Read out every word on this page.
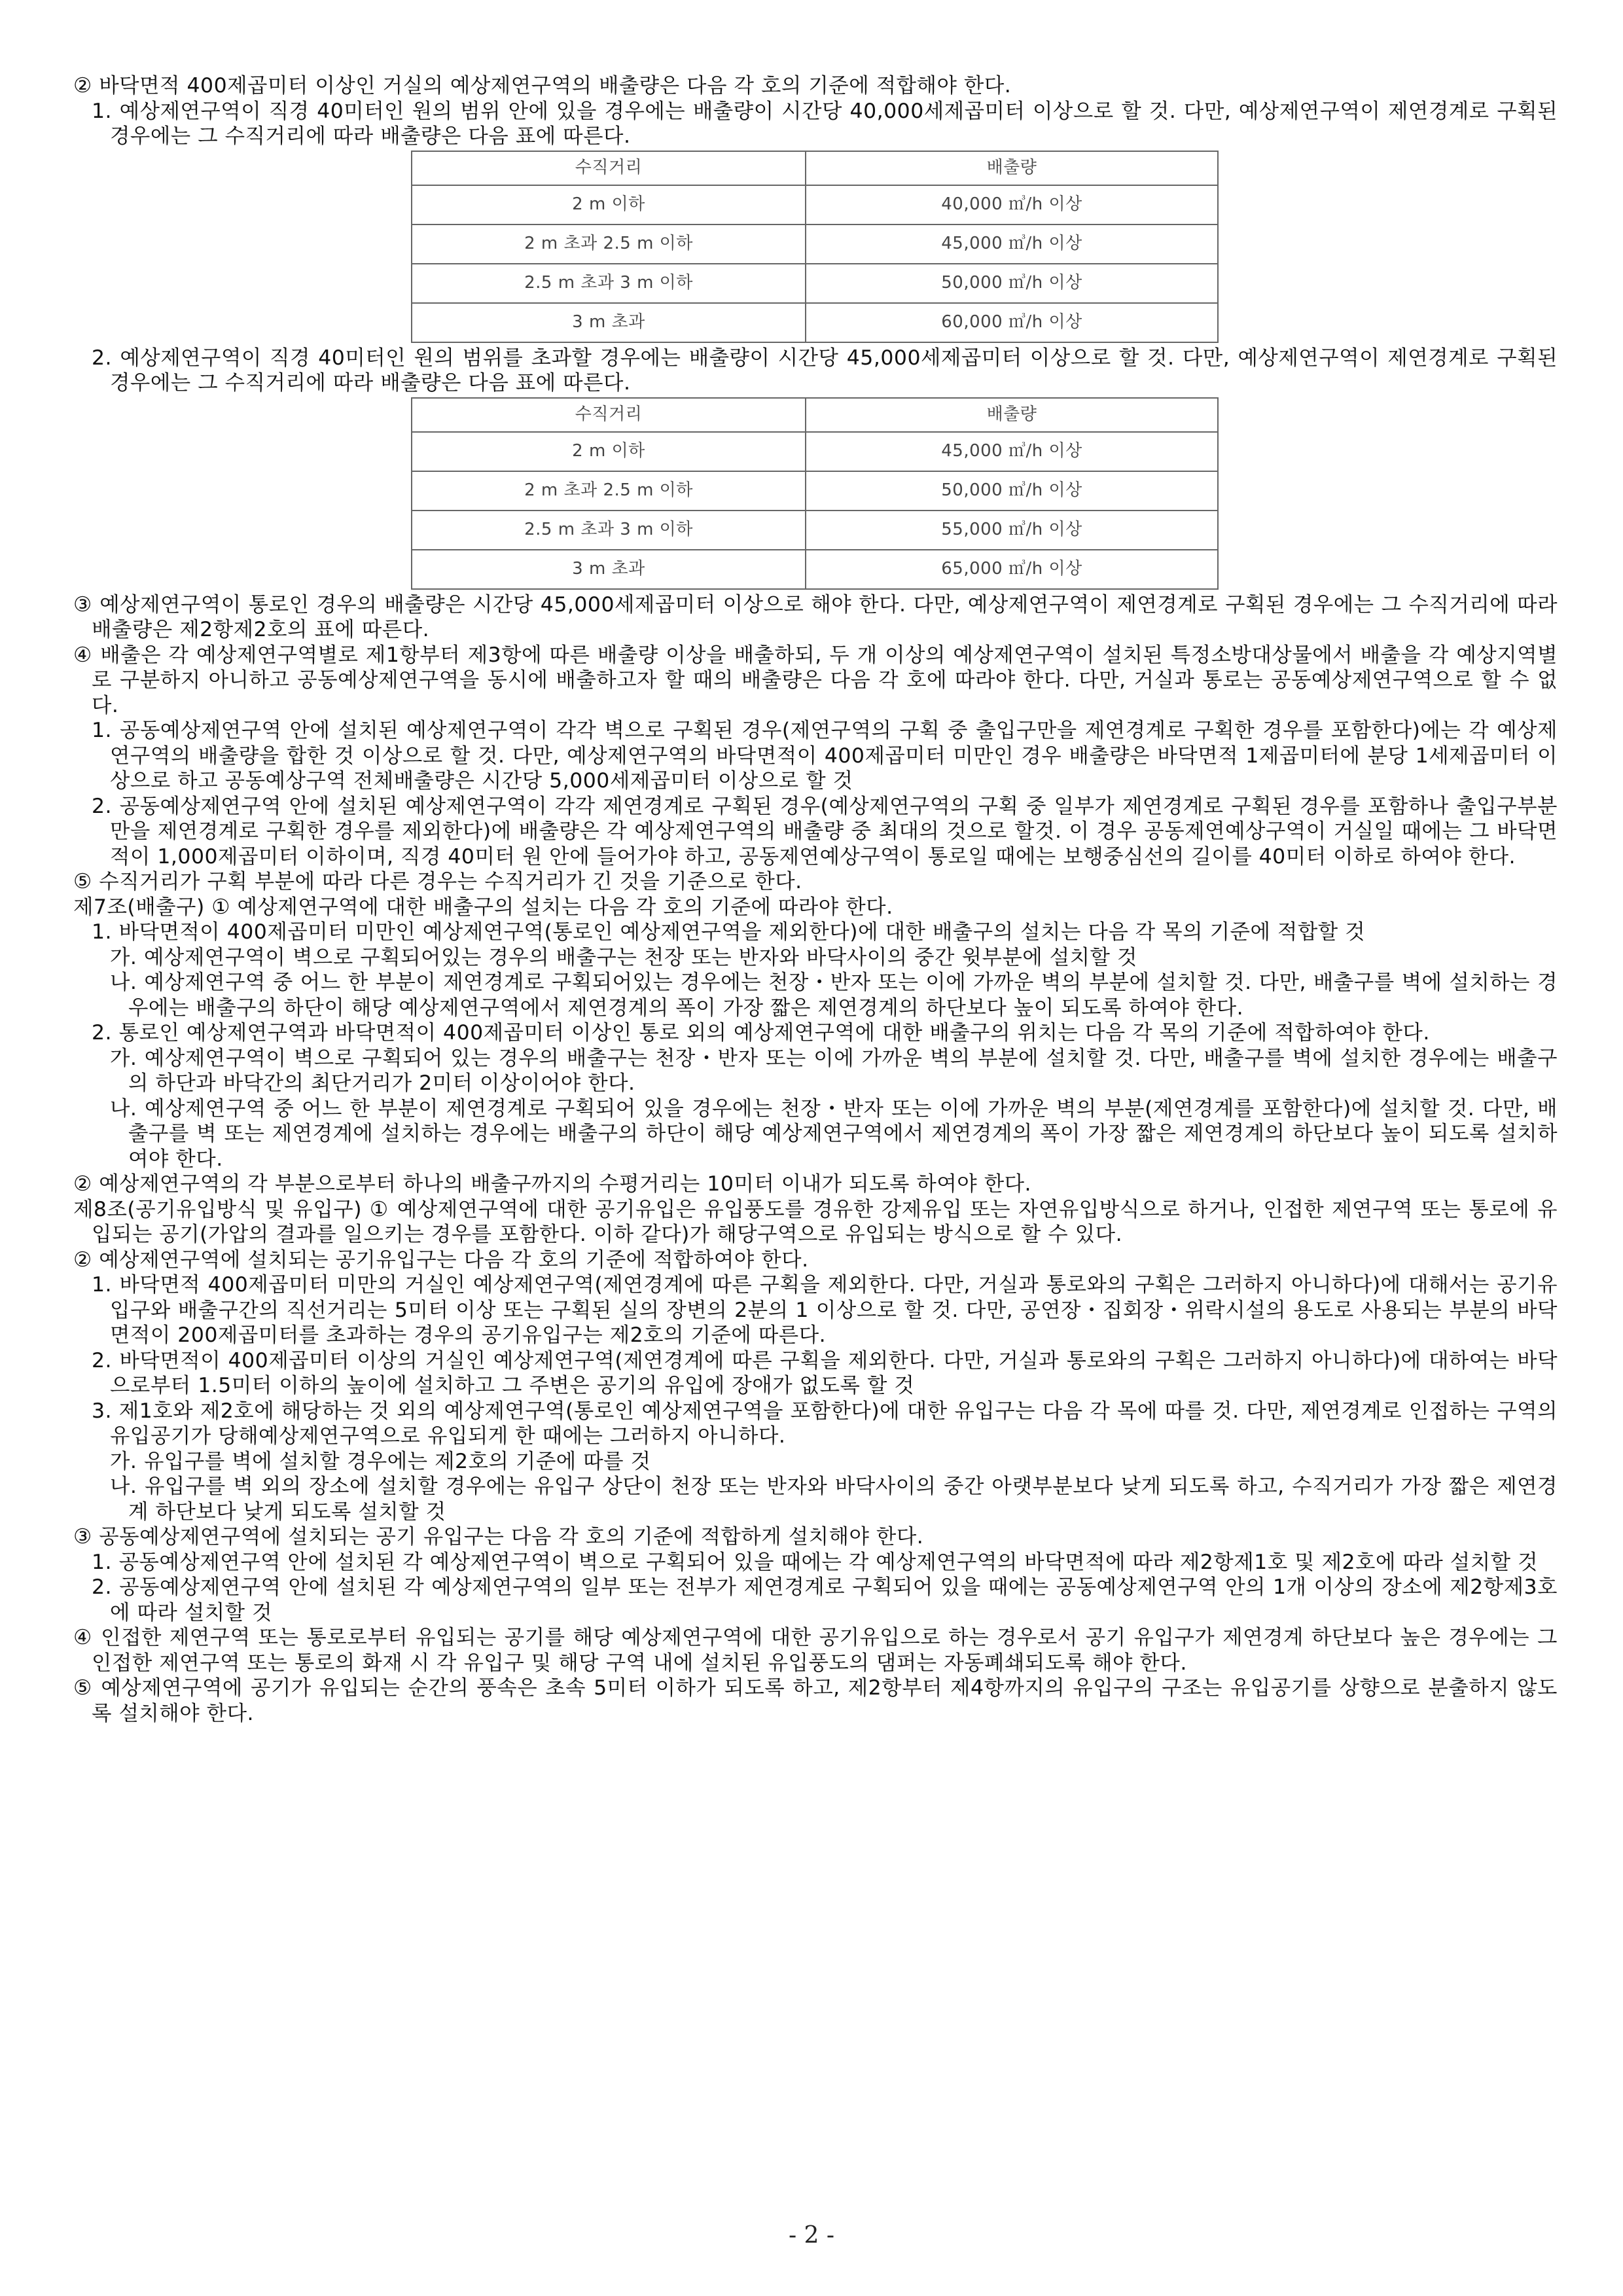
② 바닥면적 400제곱미터 이상인 거실의 예상제연구역의 배출량은 다음 각 호의 기준에 적합해야 한다.

1. 예상제연구역이 직경 40미터인 원의 범위 안에 있을 경우에는 배출량이 시간당 40,000세제곱미터 이상으로 할 것. 다만, 예상제연구역이 제연경계로 구획된 경우에는 그 수직거리에 따라 배출량은 다음 표에 따른다.

수직거리	배출량
2 m 이하	40,000 ㎥/h 이상
2 m 초과 2.5 m 이하	45,000 ㎥/h 이상
2.5 m 초과 3 m 이하	50,000 ㎥/h 이상
3 m 초과	60,000 ㎥/h 이상

2. 예상제연구역이 직경 40미터인 원의 범위를 초과할 경우에는 배출량이 시간당 45,000세제곱미터 이상으로 할 것. 다만, 예상제연구역이 제연경계로 구획된 경우에는 그 수직거리에 따라 배출량은 다음 표에 따른다.

수직거리	배출량
2 m 이하	45,000 ㎥/h 이상
2 m 초과 2.5 m 이하	50,000 ㎥/h 이상
2.5 m 초과 3 m 이하	55,000 ㎥/h 이상
3 m 초과	65,000 ㎥/h 이상

③ 예상제연구역이 통로인 경우의 배출량은 시간당 45,000세제곱미터 이상으로 해야 한다. 다만, 예상제연구역이 제연경계로 구획된 경우에는 그 수직거리에 따라 배출량은 제2항제2호의 표에 따른다.

④ 배출은 각 예상제연구역별로 제1항부터 제3항에 따른 배출량 이상을 배출하되, 두 개 이상의 예상제연구역이 설치된 특정소방대상물에서 배출을 각 예상지역별로 구분하지 아니하고 공동예상제연구역을 동시에 배출하고자 할 때의 배출량은 다음 각 호에 따라야 한다. 다만, 거실과 통로는 공동예상제연구역으로 할 수 없다.

1. 공동예상제연구역 안에 설치된 예상제연구역이 각각 벽으로 구획된 경우(제연구역의 구획 중 출입구만을 제연경계로 구획한 경우를 포함한다)에는 각 예상제연구역의 배출량을 합한 것 이상으로 할 것. 다만, 예상제연구역의 바닥면적이 400제곱미터 미만인 경우 배출량은 바닥면적 1제곱미터에 분당 1세제곱미터 이상으로 하고 공동예상구역 전체배출량은 시간당 5,000세제곱미터 이상으로 할 것

2. 공동예상제연구역 안에 설치된 예상제연구역이 각각 제연경계로 구획된 경우(예상제연구역의 구획 중 일부가 제연경계로 구획된 경우를 포함하나 출입구부분만을 제연경계로 구획한 경우를 제외한다)에 배출량은 각 예상제연구역의 배출량 중 최대의 것으로 할것. 이 경우 공동제연예상구역이 거실일 때에는 그 바닥면적이 1,000제곱미터 이하이며, 직경 40미터 원 안에 들어가야 하고, 공동제연예상구역이 통로일 때에는 보행중심선의 길이를 40미터 이하로 하여야 한다.

⑤ 수직거리가 구획 부분에 따라 다른 경우는 수직거리가 긴 것을 기준으로 한다.

제7조(배출구) ① 예상제연구역에 대한 배출구의 설치는 다음 각 호의 기준에 따라야 한다.

1. 바닥면적이 400제곱미터 미만인 예상제연구역(통로인 예상제연구역을 제외한다)에 대한 배출구의 설치는 다음 각 목의 기준에 적합할 것

가. 예상제연구역이 벽으로 구획되어있는 경우의 배출구는 천장 또는 반자와 바닥사이의 중간 윗부분에 설치할 것

나. 예상제연구역 중 어느 한 부분이 제연경계로 구획되어있는 경우에는 천장・반자 또는 이에 가까운 벽의 부분에 설치할 것. 다만, 배출구를 벽에 설치하는 경우에는 배출구의 하단이 해당 예상제연구역에서 제연경계의 폭이 가장 짧은 제연경계의 하단보다 높이 되도록 하여야 한다.

2. 통로인 예상제연구역과 바닥면적이 400제곱미터 이상인 통로 외의 예상제연구역에 대한 배출구의 위치는 다음 각 목의 기준에 적합하여야 한다.

가. 예상제연구역이 벽으로 구획되어 있는 경우의 배출구는 천장・반자 또는 이에 가까운 벽의 부분에 설치할 것. 다만, 배출구를 벽에 설치한 경우에는 배출구의 하단과 바닥간의 최단거리가 2미터 이상이어야 한다.

나. 예상제연구역 중 어느 한 부분이 제연경계로 구획되어 있을 경우에는 천장・반자 또는 이에 가까운 벽의 부분(제연경계를 포함한다)에 설치할 것. 다만, 배출구를 벽 또는 제연경계에 설치하는 경우에는 배출구의 하단이 해당 예상제연구역에서 제연경계의 폭이 가장 짧은 제연경계의 하단보다 높이 되도록 설치하여야 한다.

② 예상제연구역의 각 부분으로부터 하나의 배출구까지의 수평거리는 10미터 이내가 되도록 하여야 한다.

제8조(공기유입방식 및 유입구) ① 예상제연구역에 대한 공기유입은 유입풍도를 경유한 강제유입 또는 자연유입방식으로 하거나, 인접한 제연구역 또는 통로에 유입되는 공기(가압의 결과를 일으키는 경우를 포함한다. 이하 같다)가 해당구역으로 유입되는 방식으로 할 수 있다.

② 예상제연구역에 설치되는 공기유입구는 다음 각 호의 기준에 적합하여야 한다.

1. 바닥면적 400제곱미터 미만의 거실인 예상제연구역(제연경계에 따른 구획을 제외한다. 다만, 거실과 통로와의 구획은 그러하지 아니하다)에 대해서는 공기유입구와 배출구간의 직선거리는 5미터 이상 또는 구획된 실의 장변의 2분의 1 이상으로 할 것. 다만, 공연장・집회장・위락시설의 용도로 사용되는 부분의 바닥면적이 200제곱미터를 초과하는 경우의 공기유입구는 제2호의 기준에 따른다.

2. 바닥면적이 400제곱미터 이상의 거실인 예상제연구역(제연경계에 따른 구획을 제외한다. 다만, 거실과 통로와의 구획은 그러하지 아니하다)에 대하여는 바닥으로부터 1.5미터 이하의 높이에 설치하고 그 주변은 공기의 유입에 장애가 없도록 할 것

3. 제1호와 제2호에 해당하는 것 외의 예상제연구역(통로인 예상제연구역을 포함한다)에 대한 유입구는 다음 각 목에 따를 것. 다만, 제연경계로 인접하는 구역의 유입공기가 당해예상제연구역으로 유입되게 한 때에는 그러하지 아니하다.

가. 유입구를 벽에 설치할 경우에는 제2호의 기준에 따를 것

나. 유입구를 벽 외의 장소에 설치할 경우에는 유입구 상단이 천장 또는 반자와 바닥사이의 중간 아랫부분보다 낮게 되도록 하고, 수직거리가 가장 짧은 제연경계 하단보다 낮게 되도록 설치할 것

③ 공동예상제연구역에 설치되는 공기 유입구는 다음 각 호의 기준에 적합하게 설치해야 한다.

1. 공동예상제연구역 안에 설치된 각 예상제연구역이 벽으로 구획되어 있을 때에는 각 예상제연구역의 바닥면적에 따라 제2항제1호 및 제2호에 따라 설치할 것

2. 공동예상제연구역 안에 설치된 각 예상제연구역의 일부 또는 전부가 제연경계로 구획되어 있을 때에는 공동예상제연구역 안의 1개 이상의 장소에 제2항제3호에 따라 설치할 것

④ 인접한 제연구역 또는 통로로부터 유입되는 공기를 해당 예상제연구역에 대한 공기유입으로 하는 경우로서 공기 유입구가 제연경계 하단보다 높은 경우에는 그 인접한 제연구역 또는 통로의 화재 시 각 유입구 및 해당 구역 내에 설치된 유입풍도의 댐퍼는 자동폐쇄되도록 해야 한다.

⑤ 예상제연구역에 공기가 유입되는 순간의 풍속은 초속 5미터 이하가 되도록 하고, 제2항부터 제4항까지의 유입구의 구조는 유입공기를 상향으로 분출하지 않도록 설치해야 한다.

- 2 -
